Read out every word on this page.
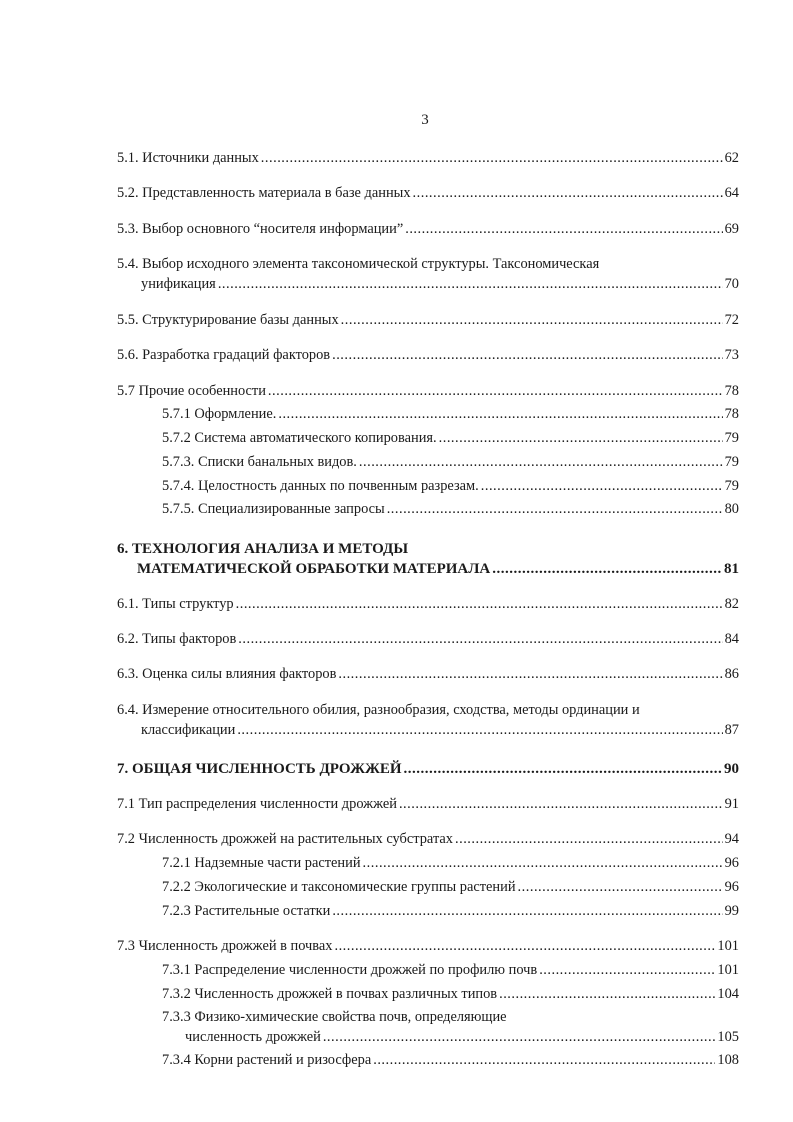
3
5.1. Источники данных .....	62
5.2. Представленность материала в базе данных .....	64
5.3. Выбор основного “носителя информации” .....	69
5.4. Выбор исходного элемента таксономической структуры. Таксономическая
унификация .....	70
5.5. Структурирование базы данных .....	72
5.6. Разработка градаций факторов .....	73
5.7 Прочие особенности .....	78
5.7.1 Оформление. .....	78
5.7.2 Система автоматического копирования. .....	79
5.7.3. Списки банальных видов. .....	79
5.7.4. Целостность данных по почвенным разрезам. .....	79
5.7.5. Специализированные запросы .....	80
6. ТЕХНОЛОГИЯ АНАЛИЗА И МЕТОДЫ
МАТЕМАТИЧЕСКОЙ ОБРАБОТКИ МАТЕРИАЛА .....	81
6.1. Типы структур .....	82
6.2. Типы факторов .....	84
6.3. Оценка силы влияния факторов .....	86
6.4. Измерение относительного обилия, разнообразия, сходства, методы ординации и
классификации .....	87
7. ОБЩАЯ ЧИСЛЕННОСТЬ ДРОЖЖЕЙ .....	90
7.1 Тип распределения численности дрожжей .....	91
7.2 Численность дрожжей на растительных субстратах .....	94
7.2.1 Надземные части растений .....	96
7.2.2 Экологические и таксономические группы растений .....	96
7.2.3 Растительные остатки .....	99
7.3 Численность дрожжей в почвах .....	101
7.3.1 Распределение численности дрожжей по профилю почв .....	101
7.3.2 Численность дрожжей в почвах различных типов .....	104
7.3.3 Физико-химические свойства почв, определяющие
численность дрожжей .....	105
7.3.4 Корни растений и ризосфера .....	108
